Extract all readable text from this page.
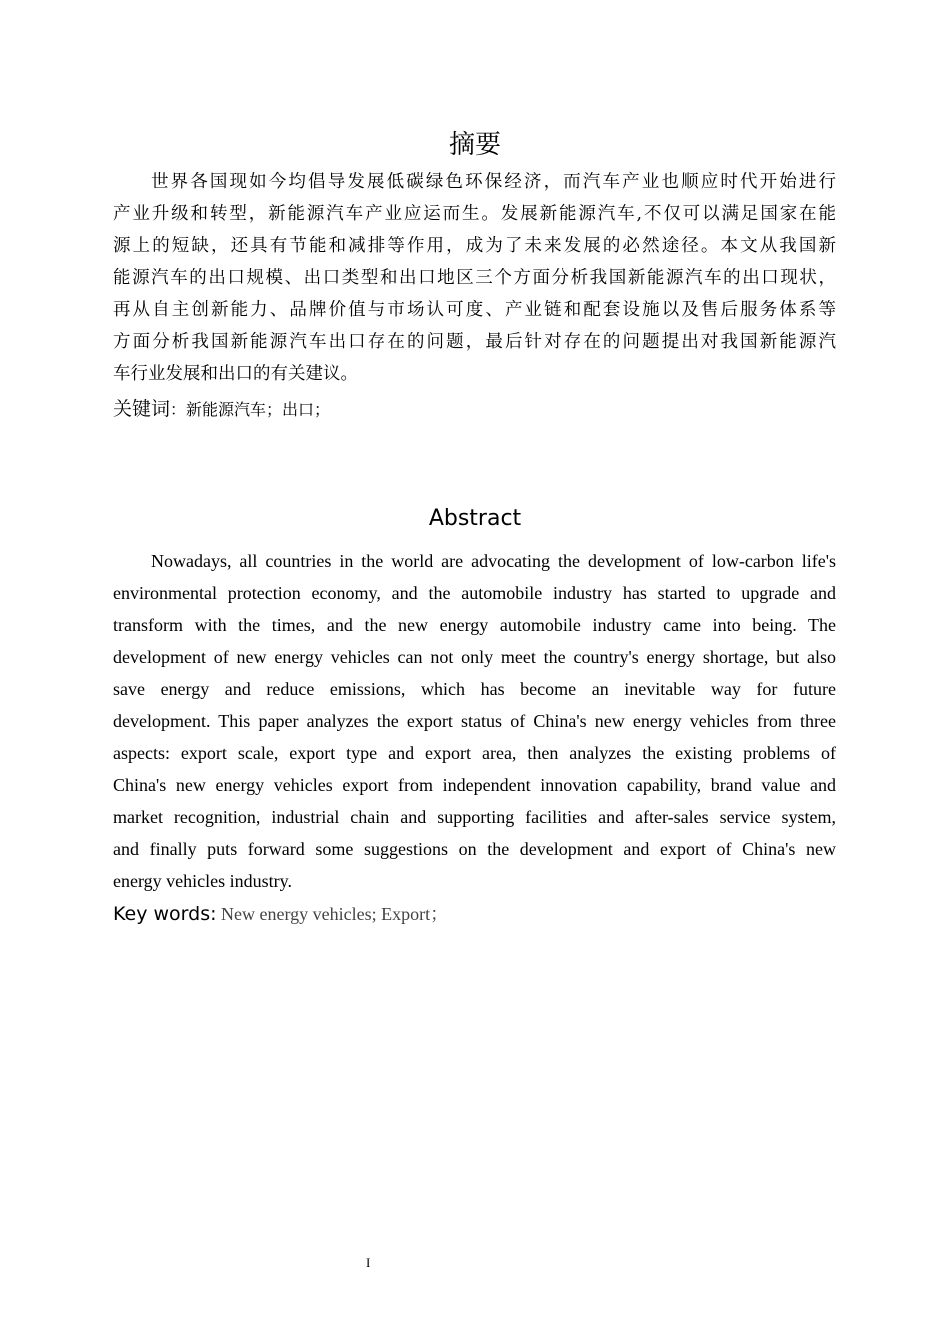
摘要
世界各国现如今均倡导发展低碳绿色环保经济，而汽车产业也顺应时代开始进行
产业升级和转型，新能源汽车产业应运而生。发展新能源汽车,不仅可以满足国家在能
源上的短缺，还具有节能和减排等作用，成为了未来发展的必然途径。本文从我国新
能源汽车的出口规模、出口类型和出口地区三个方面分析我国新能源汽车的出口现状，
再从自主创新能力、品牌价值与市场认可度、产业链和配套设施以及售后服务体系等
方面分析我国新能源汽车出口存在的问题，最后针对存在的问题提出对我国新能源汽
车行业发展和出口的有关建议。
关键词：新能源汽车；出口；
Abstract
Nowadays, all countries in the world are advocating the development of low-carbon life's
environmental protection economy, and the automobile industry has started to upgrade and
transform with the times, and the new energy automobile industry came into being. The
development of new energy vehicles can not only meet the country's energy shortage, but also
save energy and reduce emissions, which has become an inevitable way for future
development. This paper analyzes the export status of China's new energy vehicles from three
aspects: export scale, export type and export area, then analyzes the existing problems of
China's new energy vehicles export from independent innovation capability, brand value and
market recognition, industrial chain and supporting facilities and after-sales service system,
and finally puts forward some suggestions on the development and export of China's new
energy vehicles industry.
Key words: New energy vehicles; Export；
I
